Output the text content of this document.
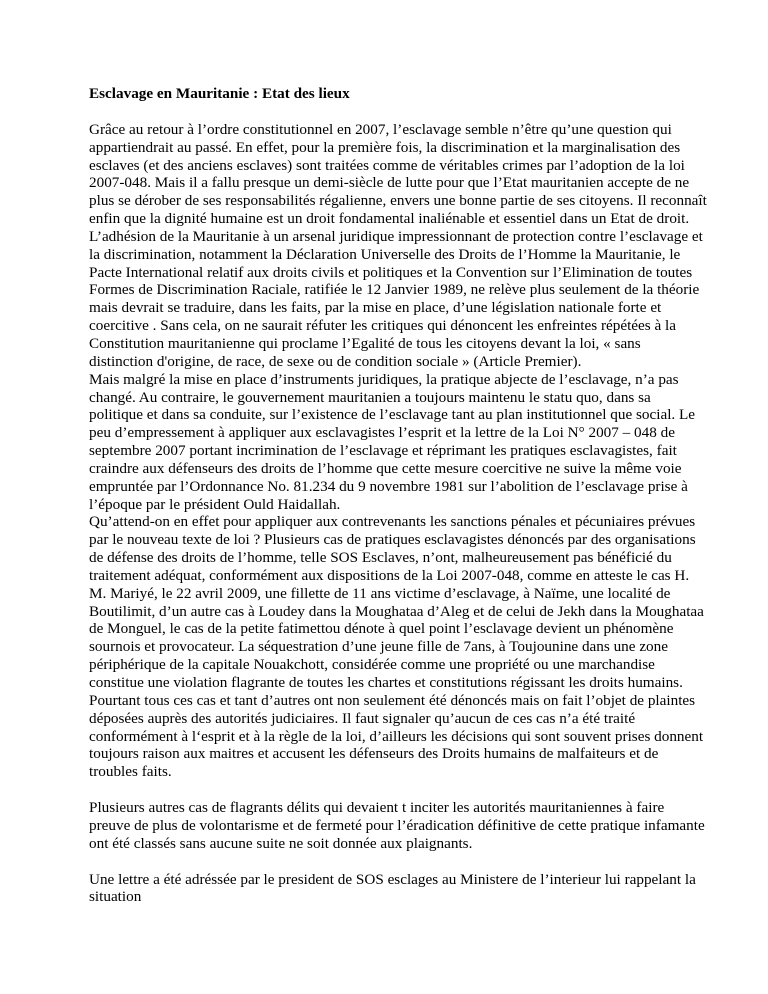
Esclavage en Mauritanie : Etat des lieux

Grâce au retour à l’ordre constitutionnel en 2007, l’esclavage semble n’être qu’une question qui appartiendrait au passé. En effet, pour la première fois, la discrimination et la marginalisation des esclaves (et des anciens esclaves) sont traitées comme de véritables crimes par l’adoption de la loi 2007-048. Mais il a fallu presque un demi-siècle de lutte pour que l’Etat mauritanien accepte de ne plus se dérober de ses responsabilités régalienne, envers une bonne partie de ses citoyens. Il reconnaît enfin que la dignité humaine est un droit fondamental inaliénable et essentiel dans un Etat de droit. L’adhésion de la Mauritanie à un arsenal juridique impressionnant de protection contre l’esclavage et la discrimination, notamment la Déclaration Universelle des Droits de l’Homme la Mauritanie, le Pacte International relatif aux droits civils et politiques et la Convention sur l’Elimination de toutes Formes de Discrimination Raciale, ratifiée le 12 Janvier 1989, ne relève plus seulement de la théorie mais devrait se traduire, dans les faits, par la mise en place, d’une législation nationale forte et coercitive . Sans cela, on ne saurait réfuter les critiques qui dénoncent les enfreintes répétées à la Constitution mauritanienne qui proclame l’Egalité de tous les citoyens devant la loi, « sans distinction d'origine, de race, de sexe ou de condition sociale » (Article Premier).
Mais malgré la mise en place d’instruments juridiques, la pratique abjecte de l’esclavage, n’a pas changé. Au contraire, le gouvernement mauritanien a toujours maintenu le statu quo, dans sa politique et dans sa conduite, sur l’existence de l’esclavage tant au plan institutionnel que social. Le peu d’empressement à appliquer aux esclavagistes l’esprit et la lettre de la Loi N° 2007 – 048 de septembre 2007 portant incrimination de l’esclavage et réprimant les pratiques esclavagistes, fait craindre aux défenseurs des droits de l’homme que cette mesure coercitive ne suive la même voie empruntée par l’Ordonnance No. 81.234 du 9 novembre 1981 sur l’abolition de l’esclavage prise à l’époque par le président Ould Haidallah.
Qu’attend-on en effet pour appliquer aux contrevenants les sanctions pénales et pécuniaires prévues par le nouveau texte de loi ? Plusieurs cas de pratiques esclavagistes dénoncés par des organisations de défense des droits de l’homme, telle SOS Esclaves, n’ont, malheureusement pas bénéficié du traitement adéquat, conformément aux dispositions de la Loi 2007-048, comme en atteste le cas H. M. Mariyé, le 22 avril 2009, une fillette de 11 ans victime d’esclavage, à Naïme, une localité de Boutilimit, d’un autre cas à Loudey dans la Moughataa d’Aleg et de celui de Jekh dans la Moughataa de Monguel, le cas de la petite fatimettou dénote à quel point l’esclavage devient un phénomène sournois et provocateur. La séquestration d’une jeune fille de 7ans, à Toujounine dans une zone périphérique de la capitale Nouakchott, considérée comme une propriété ou une marchandise constitue une violation flagrante de toutes les chartes et constitutions régissant les droits humains. Pourtant tous ces cas et tant d’autres ont non seulement été dénoncés mais on fait l’objet de plaintes déposées auprès des autorités judiciaires. Il faut signaler qu’aucun de ces cas n’a été traité conformément à l‘esprit et à la règle de la loi, d’ailleurs les décisions qui sont souvent prises donnent toujours raison aux maitres et accusent les défenseurs des Droits humains de malfaiteurs et de troubles faits.

Plusieurs autres cas de flagrants délits qui devaient t inciter les autorités mauritaniennes à faire preuve de plus de volontarisme et de fermeté pour l’éradication définitive de cette pratique infamante ont été classés sans aucune suite ne soit donnée aux plaignants.

Une lettre a été adréssée par le president de SOS esclages au Ministere de l’interieur lui rappelant la situation
